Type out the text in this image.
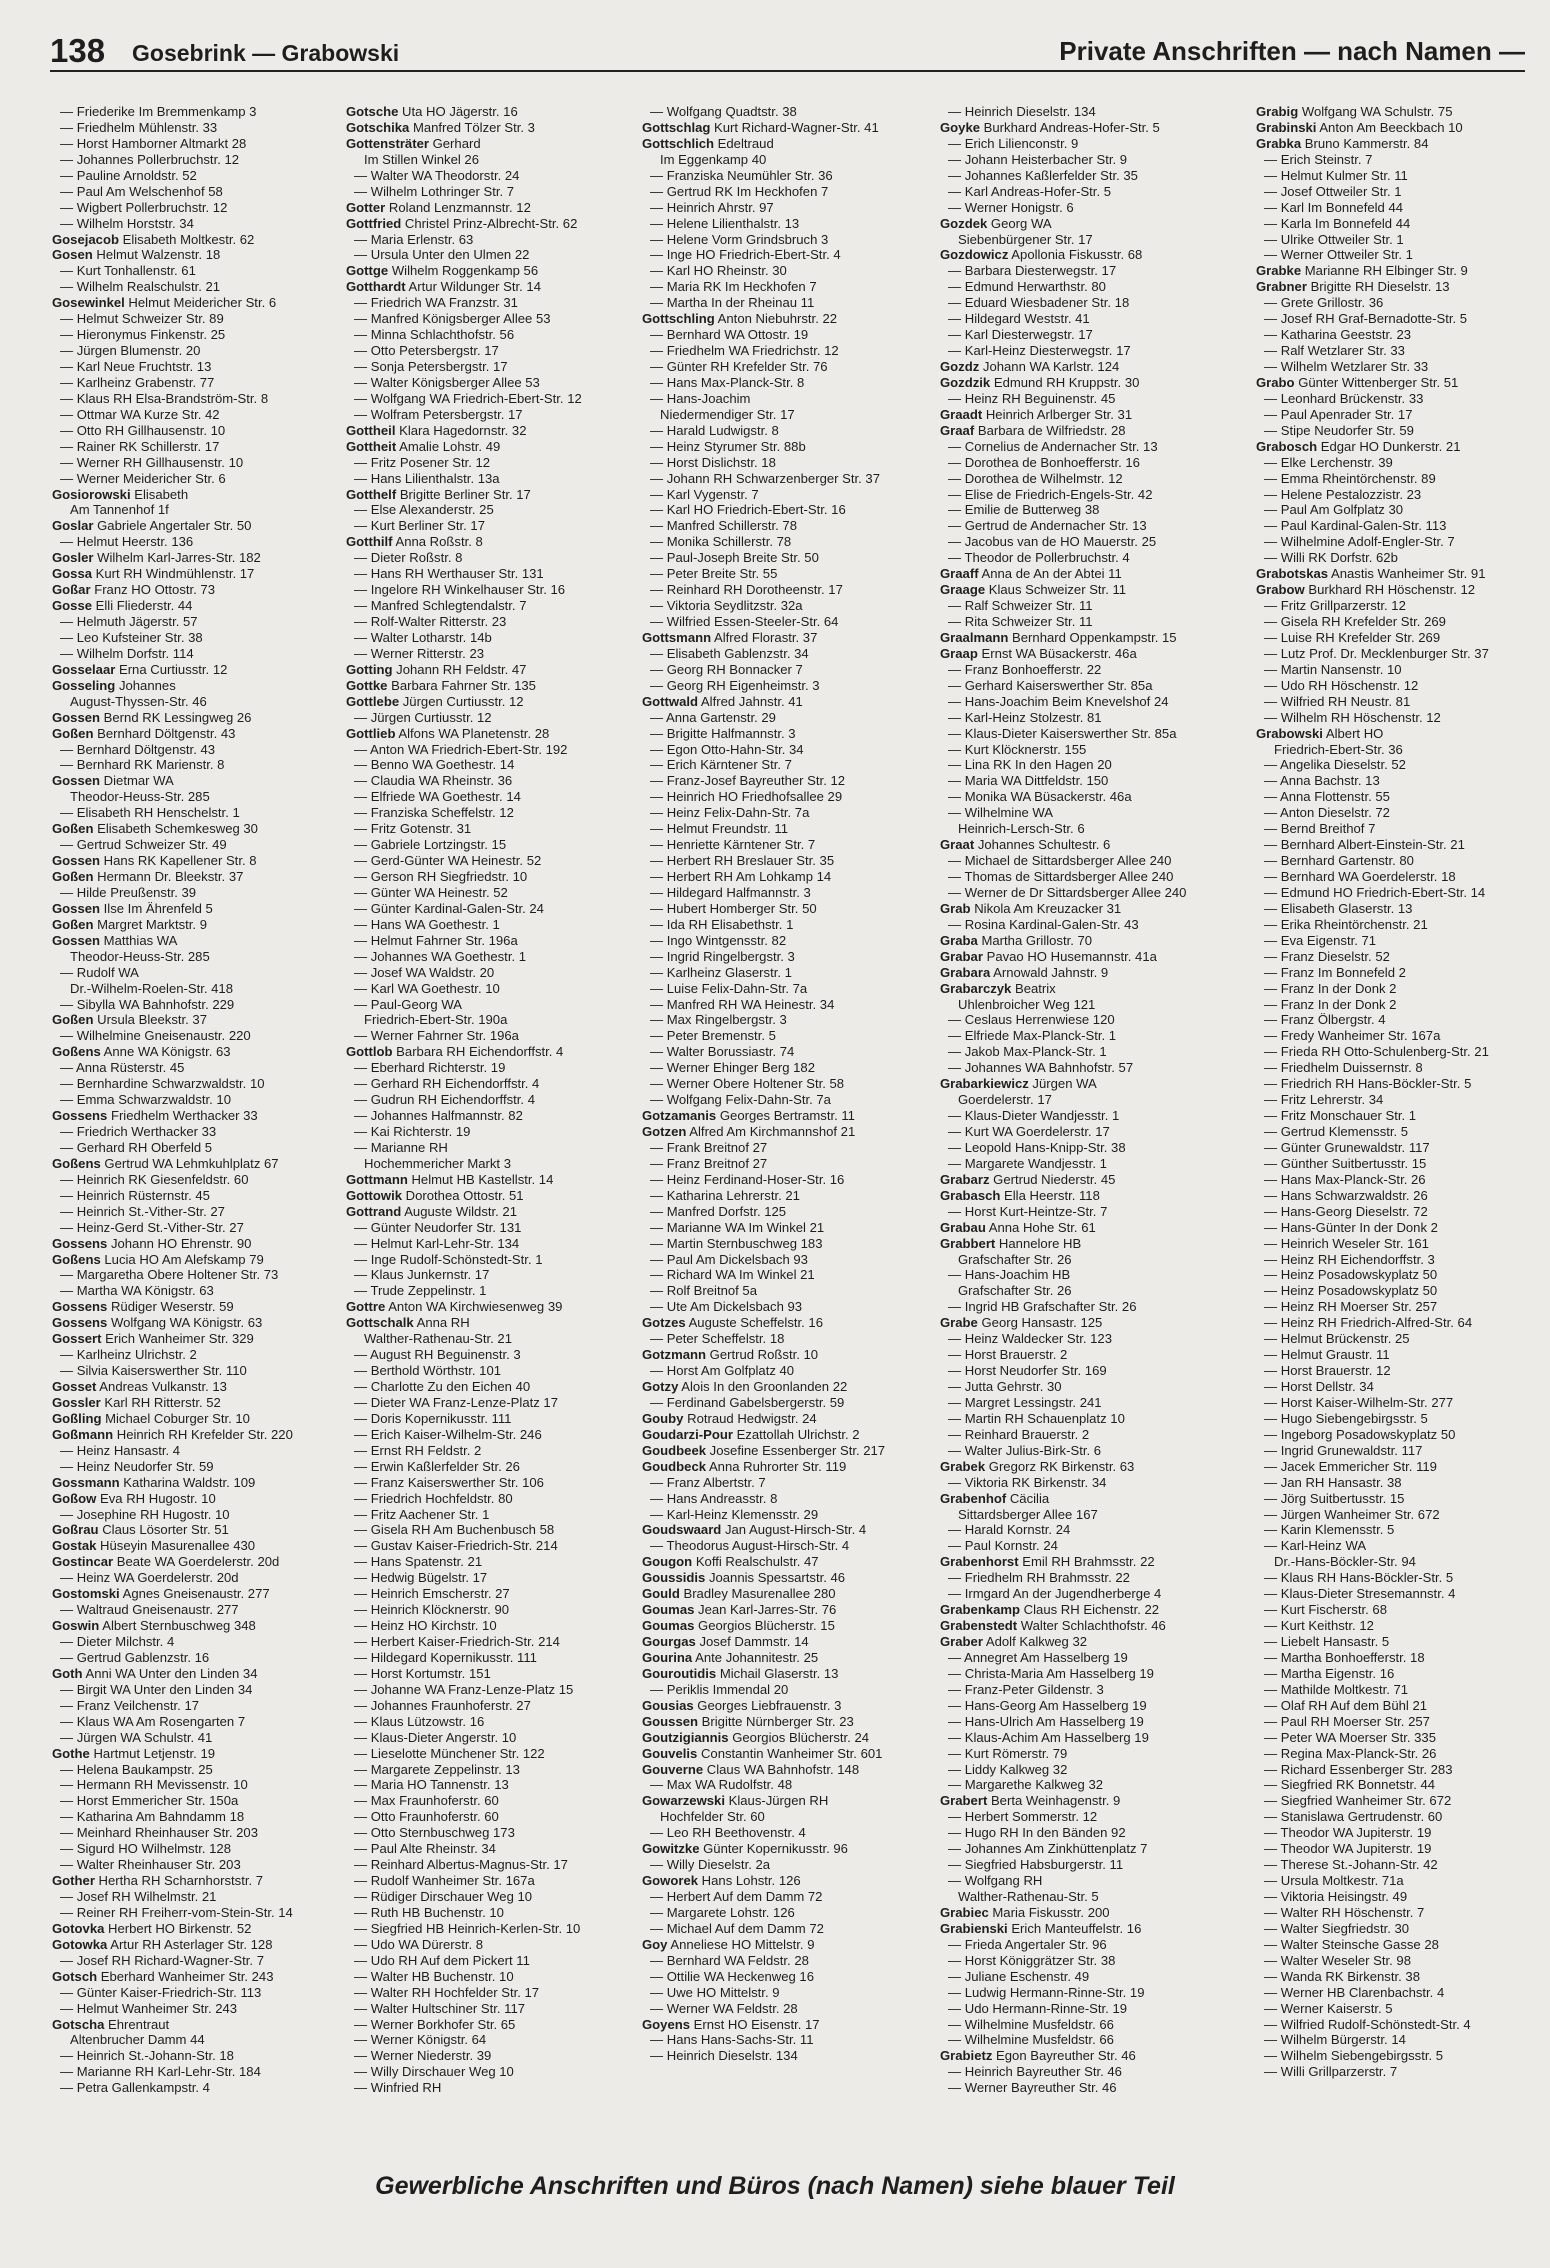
138 Gosebrink — Grabowski	Private Anschriften — nach Namen —
— Friederike Im Bremmenkamp 3
— Friedhelm Mühlenstr. 33
— Horst Hamborner Altmarkt 28
— Johannes Pollerbruchstr. 12
— Pauline Arnoldstr. 52
— Paul Am Welschenhof 58
— Wigbert Pollerbruchstr. 12
— Wilhelm Horststr. 34
Gosejacob Elisabeth Moltkestr. 62
Gosen Helmut Walzenstr. 18
— Kurt Tonhallenstr. 61
— Wilhelm Realschulstr. 21
Gosewinkel Helmut Meidericher Str. 6
— Helmut Schweizer Str. 89
— Hieronymus Finkenstr. 25
— Jürgen Blumenstr. 20
— Karl Neue Fruchtstr. 13
— Karlheinz Grabenstr. 77
— Klaus RH Elsa-Brandström-Str. 8
— Ottmar WA Kurze Str. 42
— Otto RH Gillhausenstr. 10
— Rainer RK Schillerstr. 17
— Werner RH Gillhausenstr. 10
— Werner Meidericher Str. 6
Gosiorowski Elisabeth
Am Tannenhof 1f
Goslar Gabriele Angertaler Str. 50
— Helmut Heerstr. 136
Gosler Wilhelm Karl-Jarres-Str. 182
Gossa Kurt RH Windmühlenstr. 17
Goßar Franz HO Ottostr. 73
Gosse Elli Fliederstr. 44
— Helmuth Jägerstr. 57
— Leo Kufsteiner Str. 38
— Wilhelm Dorfstr. 114
Gosselaar Erna Curtiusstr. 12
Gosseling Johannes
August-Thyssen-Str. 46
Gossen Bernd RK Lessingweg 26
Goßen Bernhard Döltgenstr. 43
— Bernhard Döltgenstr. 43
— Bernhard RK Marienstr. 8
Gossen Dietmar WA
Theodor-Heuss-Str. 285
— Elisabeth RH Henschelstr. 1
Goßen Elisabeth Schemkesweg 30
— Gertrud Schweizer Str. 49
Gossen Hans RK Kapellener Str. 8
Goßen Hermann Dr. Bleekstr. 37
— Hilde Preußenstr. 39
Gossen Ilse Im Ährenfeld 5
Goßen Margret Marktstr. 9
Gossen Matthias WA
Theodor-Heuss-Str. 285
— Rudolf WA
Dr.-Wilhelm-Roelen-Str. 418
— Sibylla WA Bahnhofstr. 229
Goßen Ursula Bleekstr. 37
— Wilhelmine Gneisenaustr. 220
Goßens Anne WA Königstr. 63
— Anna Rüsterstr. 45
— Bernhardine Schwarzwaldstr. 10
— Emma Schwarzwaldstr. 10
Gossens Friedhelm Werthacker 33
— Friedrich Werthacker 33
— Gerhard RH Oberfeld 5
Goßens Gertrud WA Lehmkuhlplatz 67
— Heinrich RK Giesenfeldstr. 60
— Heinrich Rüsternstr. 45
— Heinrich St.-Vither-Str. 27
— Heinz-Gerd St.-Vither-Str. 27
Gossens Johann HO Ehrenstr. 90
Goßens Lucia HO Am Alefskamp 79
— Margaretha Obere Holtener Str. 73
— Martha WA Königstr. 63
Gossens Rüdiger Weserstr. 59
Gossens Wolfgang WA Königstr. 63
Gossert Erich Wanheimer Str. 329
— Karlheinz Ulrichstr. 2
— Silvia Kaiserswerther Str. 110
Gosset Andreas Vulkanstr. 13
Gossler Karl RH Ritterstr. 52
Goßling Michael Coburger Str. 10
Goßmann Heinrich RH Krefelder Str. 220
— Heinz Hansastr. 4
— Heinz Neudorfer Str. 59
Gossmann Katharina Waldstr. 109
Goßow Eva RH Hugostr. 10
— Josephine RH Hugostr. 10
Goßrau Claus Lösorter Str. 51
Gostak Hüseyin Masurenallee 430
Gostincar Beate WA Goerdelerstr. 20d
— Heinz WA Goerdelerstr. 20d
Gostomski Agnes Gneisenaustr. 277
— Waltraud Gneisenaustr. 277
Goswin Albert Sternbuschweg 348
— Dieter Milchstr. 4
— Gertrud Gablenzstr. 16
Goth Anni WA Unter den Linden 34
— Birgit WA Unter den Linden 34
— Franz Veilchenstr. 17
— Klaus WA Am Rosengarten 7
— Jürgen WA Schulstr. 41
Gothe Hartmut Letjenstr. 19
— Helena Baukampstr. 25
— Hermann RH Mevissenstr. 10
— Horst Emmericher Str. 150a
— Katharina Am Bahndamm 18
— Meinhard Rheinhauser Str. 203
— Sigurd HO Wilhelmstr. 128
— Walter Rheinhauser Str. 203
Gother Hertha RH Scharnhorststr. 7
— Josef RH Wilhelmstr. 21
— Reiner RH Freiherr-vom-Stein-Str. 14
Gotovka Herbert HO Birkenstr. 52
Gotowka Artur RH Asterlager Str. 128
— Josef RH Richard-Wagner-Str. 7
Gotsch Eberhard Wanheimer Str. 243
— Günter Kaiser-Friedrich-Str. 113
— Helmut Wanheimer Str. 243
Gotscha Ehrentraut
Altenbrucher Damm 44
— Heinrich St.-Johann-Str. 18
— Marianne RH Karl-Lehr-Str. 184
— Petra Gallenkampstr. 4
Gotsche Uta HO Jägerstr. 16
Gotschika Manfred Tölzer Str. 3
Gottensträter Gerhard
Im Stillen Winkel 26
— Walter WA Theodorstr. 24
— Wilhelm Lothringer Str. 7
Gotter Roland Lenzmannstr. 12
Gottfried Christel Prinz-Albrecht-Str. 62
— Maria Erlenstr. 63
— Ursula Unter den Ulmen 22
Gottge Wilhelm Roggenkamp 56
Gotthardt Artur Wildunger Str. 14
— Friedrich WA Franzstr. 31
— Manfred Königsberger Allee 53
— Minna Schlachthofstr. 56
— Otto Petersbergstr. 17
— Sonja Petersbergstr. 17
— Walter Königsberger Allee 53
— Wolfgang WA Friedrich-Ebert-Str. 12
— Wolfram Petersbergstr. 17
Gottheil Klara Hagedornstr. 32
Gottheit Amalie Lohstr. 49
— Fritz Posener Str. 12
— Hans Lilienthalstr. 13a
Gotthelf Brigitte Berliner Str. 17
— Else Alexanderstr. 25
— Kurt Berliner Str. 17
Gotthilf Anna Roßstr. 8
— Dieter Roßstr. 8
— Hans RH Werthauser Str. 131
— Ingelore RH Winkelhauser Str. 16
— Manfred Schlegtendalstr. 7
— Rolf-Walter Ritterstr. 23
— Walter Lotharstr. 14b
— Werner Ritterstr. 23
Gotting Johann RH Feldstr. 47
Gottke Barbara Fahrner Str. 135
Gottlebe Jürgen Curtiusstr. 12
— Jürgen Curtiusstr. 12
Gottlieb Alfons WA Planetenstr. 28
— Anton WA Friedrich-Ebert-Str. 192
— Benno WA Goethestr. 14
— Claudia WA Rheinstr. 36
— Elfriede WA Goethestr. 14
— Franziska Scheffelstr. 12
— Fritz Gotenstr. 31
— Gabriele Lortzingstr. 15
— Gerd-Günter WA Heinestr. 52
— Gerson RH Siegfriedstr. 10
— Günter WA Heinestr. 52
— Günter Kardinal-Galen-Str. 24
— Hans WA Goethestr. 1
— Helmut Fahrner Str. 196a
— Johannes WA Goethestr. 1
— Josef WA Waldstr. 20
— Karl WA Goethestr. 10
— Paul-Georg WA
Friedrich-Ebert-Str. 190a
— Werner Fahrner Str. 196a
Gottlob Barbara RH Eichendorffstr. 4
— Eberhard Richterstr. 19
— Gerhard RH Eichendorffstr. 4
— Gudrun RH Eichendorffstr. 4
— Johannes Halfmannstr. 82
— Kai Richterstr. 19
— Marianne RH
Hochemmericher Markt 3
Gottmann Helmut HB Kastellstr. 14
Gottowik Dorothea Ottostr. 51
Gottrand Auguste Wildstr. 21
— Günter Neudorfer Str. 131
— Helmut Karl-Lehr-Str. 134
— Inge Rudolf-Schönstedt-Str. 1
— Klaus Junkernstr. 17
— Trude Zeppelinstr. 1
Gottre Anton WA Kirchwiesenweg 39
Gottschalk Anna RH
Walther-Rathenau-Str. 21
— August RH Beguinenstr. 3
— Berthold Wörthstr. 101
— Charlotte Zu den Eichen 40
— Dieter WA Franz-Lenze-Platz 17
— Doris Kopernikusstr. 111
— Erich Kaiser-Wilhelm-Str. 246
— Ernst RH Feldstr. 2
— Erwin Kaßlerfelder Str. 26
— Franz Kaiserswerther Str. 106
— Friedrich Hochfeldstr. 80
— Fritz Aachener Str. 1
— Gisela RH Am Buchenbusch 58
— Gustav Kaiser-Friedrich-Str. 214
— Hans Spatenstr. 21
— Hedwig Bügelstr. 17
— Heinrich Emscherstr. 27
— Heinrich Klöcknerstr. 90
— Heinz HO Kirchstr. 10
— Herbert Kaiser-Friedrich-Str. 214
— Hildegard Kopernikusstr. 111
— Horst Kortumstr. 151
— Johanne WA Franz-Lenze-Platz 15
— Johannes Fraunhoferstr. 27
— Klaus Lützowstr. 16
— Klaus-Dieter Angerstr. 10
— Lieselotte Münchener Str. 122
— Margarete Zeppelinstr. 13
— Maria HO Tannenstr. 13
— Max Fraunhoferstr. 60
— Otto Fraunhoferstr. 60
— Otto Sternbuschweg 173
— Paul Alte Rheinstr. 34
— Reinhard Albertus-Magnus-Str. 17
— Rudolf Wanheimer Str. 167a
— Rüdiger Dirschauer Weg 10
— Ruth HB Buchenstr. 10
— Siegfried HB Heinrich-Kerlen-Str. 10
— Udo WA Dürerstr. 8
— Udo RH Auf dem Pickert 11
— Walter HB Buchenstr. 10
— Walter RH Hochfelder Str. 17
— Walter Hultschiner Str. 117
— Werner Borkhofer Str. 65
— Werner Königstr. 64
— Werner Niederstr. 39
— Willy Dirschauer Weg 10
— Winfried RH
— Wolfgang Quadtstr. 38
Gottschlag Kurt Richard-Wagner-Str. 41
Gottschlich Edeltraud
Im Eggenkamp 40
— Franziska Neumühler Str. 36
— Gertrud RK Im Heckhofen 7
— Heinrich Ahrstr. 97
— Helene Lilienthalstr. 13
— Helene Vorm Grindsbruch 3
— Inge HO Friedrich-Ebert-Str. 4
— Karl HO Rheinstr. 30
— Maria RK Im Heckhofen 7
— Martha In der Rheinau 11
Gottschling Anton Niebuhrstr. 22
— Bernhard WA Ottostr. 19
— Friedhelm WA Friedrichstr. 12
— Günter RH Krefelder Str. 76
— Hans Max-Planck-Str. 8
— Hans-Joachim
Niedermendiger Str. 17
— Harald Ludwigstr. 8
— Heinz Styrumer Str. 88b
— Horst Dislichstr. 18
— Johann RH Schwarzenberger Str. 37
— Karl Vygenstr. 7
— Karl HO Friedrich-Ebert-Str. 16
— Manfred Schillerstr. 78
— Monika Schillerstr. 78
— Paul-Joseph Breite Str. 50
— Peter Breite Str. 55
— Reinhard RH Dorotheenstr. 17
— Viktoria Seydlitzstr. 32a
— Wilfried Essen-Steeler-Str. 64
Gottsmann Alfred Florastr. 37
— Elisabeth Gablenzstr. 34
— Georg RH Bonnacker 7
— Georg RH Eigenheimstr. 3
Gottwald Alfred Jahnstr. 41
— Anna Gartenstr. 29
— Brigitte Halfmannstr. 3
— Egon Otto-Hahn-Str. 34
— Erich Kärntener Str. 7
— Franz-Josef Bayreuther Str. 12
— Heinrich HO Friedhofsallee 29
— Heinz Felix-Dahn-Str. 7a
— Helmut Freundstr. 11
— Henriette Kärntener Str. 7
— Herbert RH Breslauer Str. 35
— Herbert RH Am Lohkamp 14
— Hildegard Halfmannstr. 3
— Hubert Homberger Str. 50
— Ida RH Elisabethstr. 1
— Ingo Wintgensstr. 82
— Ingrid Ringelbergstr. 3
— Karlheinz Glaserstr. 1
— Luise Felix-Dahn-Str. 7a
— Manfred RH WA Heinestr. 34
— Max Ringelbergstr. 3
— Peter Bremenstr. 5
— Walter Borussiastr. 74
— Werner Ehinger Berg 182
— Werner Obere Holtener Str. 58
— Wolfgang Felix-Dahn-Str. 7a
Gotzamanis Georges Bertramstr. 11
Gotzen Alfred Am Kirchmannshof 21
— Frank Breitnof 27
— Franz Breitnof 27
— Heinz Ferdinand-Hoser-Str. 16
— Katharina Lehrerstr. 21
— Manfred Dorfstr. 125
— Marianne WA Im Winkel 21
— Martin Sternbuschweg 183
— Paul Am Dickelsbach 93
— Richard WA Im Winkel 21
— Rolf Breitnof 5a
— Ute Am Dickelsbach 93
Gotzes Auguste Scheffelstr. 16
— Peter Scheffelstr. 18
Gotzmann Gertrud Roßstr. 10
— Horst Am Golfplatz 40
Gotzy Alois In den Groonlanden 22
— Ferdinand Gabelsbergerstr. 59
Gouby Rotraud Hedwigstr. 24
Goudarzi-Pour Ezattollah Ulrichstr. 2
Goudbeek Josefine Essenberger Str. 217
Goudbeck Anna Ruhrorter Str. 119
— Franz Albertstr. 7
— Hans Andreasstr. 8
— Karl-Heinz Klemensstr. 29
Goudswaard Jan August-Hirsch-Str. 4
— Theodorus August-Hirsch-Str. 4
Gougon Koffi Realschulstr. 47
Goussidis Joannis Spessartstr. 46
Gould Bradley Masurenallee 280
Goumas Jean Karl-Jarres-Str. 76
Goumas Georgios Blücherstr. 15
Gourgas Josef Dammstr. 14
Gourina Ante Johannitestr. 25
Gouroutidis Michail Glaserstr. 13
— Periklis Immendal 20
Gousias Georges Liebfrauenstr. 3
Goussen Brigitte Nürnberger Str. 23
Goutzigiannis Georgios Blücherstr. 24
Gouvelis Constantin Wanheimer Str. 601
Gouverne Claus WA Bahnhofstr. 148
— Max WA Rudolfstr. 48
Gowarzewski Klaus-Jürgen RH
Hochfelder Str. 60
— Leo RH Beethovenstr. 4
Gowitzke Günter Kopernikusstr. 96
— Willy Dieselstr. 2a
Goworek Hans Lohstr. 126
— Herbert Auf dem Damm 72
— Margarete Lohstr. 126
— Michael Auf dem Damm 72
Goy Anneliese HO Mittelstr. 9
— Bernhard WA Feldstr. 28
— Ottilie WA Heckenweg 16
— Uwe HO Mittelstr. 9
— Werner WA Feldstr. 28
Goyens Ernst HO Eisenstr. 17
— Hans Hans-Sachs-Str. 11
— Heinrich Dieselstr. 134
— Heinrich Dieselstr. 134
Goyke Burkhard Andreas-Hofer-Str. 5
— Erich Lilienconstr. 9
— Johann Heisterbacher Str. 9
— Johannes Kaßlerfelder Str. 35
— Karl Andreas-Hofer-Str. 5
— Werner Honigstr. 6
Gozdek Georg WA
Siebenbürgener Str. 17
Gozdowicz Apollonia Fiskusstr. 68
— Barbara Diesterwegstr. 17
— Edmund Herwarthstr. 80
— Eduard Wiesbadener Str. 18
— Hildegard Weststr. 41
— Karl Diesterwegstr. 17
— Karl-Heinz Diesterwegstr. 17
Gozdz Johann WA Karlstr. 124
Gozdzik Edmund RH Kruppstr. 30
— Heinz RH Beguinenstr. 45
Graadt Heinrich Arlberger Str. 31
Graaf Barbara de Wilfriedstr. 28
— Cornelius de Andernacher Str. 13
— Dorothea de Bonhoefferstr. 16
— Dorothea de Wilhelmstr. 12
— Elise de Friedrich-Engels-Str. 42
— Emilie de Butterweg 38
— Gertrud de Andernacher Str. 13
— Jacobus van de HO Mauerstr. 25
— Theodor de Pollerbruchstr. 4
Graaff Anna de An der Abtei 11
Graage Klaus Schweizer Str. 11
— Ralf Schweizer Str. 11
— Rita Schweizer Str. 11
Graalmann Bernhard Oppenkampstr. 15
Graap Ernst WA Büsackerstr. 46a
— Franz Bonhoefferstr. 22
— Gerhard Kaiserswerther Str. 85a
— Hans-Joachim Beim Knevelshof 24
— Karl-Heinz Stolzestr. 81
— Klaus-Dieter Kaiserswerther Str. 85a
— Kurt Klöcknerstr. 155
— Lina RK In den Hagen 20
— Maria WA Dittfeldstr. 150
— Monika WA Büsackerstr. 46a
— Wilhelmine WA
Heinrich-Lersch-Str. 6
Graat Johannes Schultestr. 6
— Michael de Sittardsberger Allee 240
— Thomas de Sittardsberger Allee 240
— Werner de Dr Sittardsberger Allee 240
Grab Nikola Am Kreuzacker 31
— Rosina Kardinal-Galen-Str. 43
Graba Martha Grillostr. 70
Grabar Pavao HO Husemannstr. 41a
Grabara Arnowald Jahnstr. 9
Grabarczyk Beatrix
Uhlenbroicher Weg 121
— Ceslaus Herrenwiese 120
— Elfriede Max-Planck-Str. 1
— Jakob Max-Planck-Str. 1
— Johannes WA Bahnhofstr. 57
Grabarkiewicz Jürgen WA
Goerdelerstr. 17
— Klaus-Dieter Wandjesstr. 1
— Kurt WA Goerdelerstr. 17
— Leopold Hans-Knipp-Str. 38
— Margarete Wandjesstr. 1
Grabarz Gertrud Niederstr. 45
Grabasch Ella Heerstr. 118
— Horst Kurt-Heintze-Str. 7
Grabau Anna Hohe Str. 61
Grabbert Hannelore HB
Grafschafter Str. 26
— Hans-Joachim HB
Grafschafter Str. 26
— Ingrid HB Grafschafter Str. 26
Grabe Georg Hansastr. 125
— Heinz Waldecker Str. 123
— Horst Brauerstr. 2
— Horst Neudorfer Str. 169
— Jutta Gehrstr. 30
— Margret Lessingstr. 241
— Martin RH Schauenplatz 10
— Reinhard Brauerstr. 2
— Walter Julius-Birk-Str. 6
Grabek Gregorz RK Birkenstr. 63
— Viktoria RK Birkenstr. 34
Grabenhof Cäcilia
Sittardsberger Allee 167
— Harald Kornstr. 24
— Paul Kornstr. 24
Grabenhorst Emil RH Brahmsstr. 22
— Friedhelm RH Brahmsstr. 22
— Irmgard An der Jugendherberge 4
Grabenkamp Claus RH Eichenstr. 22
Grabenstedt Walter Schlachthofstr. 46
Graber Adolf Kalkweg 32
— Annegret Am Hasselberg 19
— Christa-Maria Am Hasselberg 19
— Franz-Peter Gildenstr. 3
— Hans-Georg Am Hasselberg 19
— Hans-Ulrich Am Hasselberg 19
— Klaus-Achim Am Hasselberg 19
— Kurt Römerstr. 79
— Liddy Kalkweg 32
— Margarethe Kalkweg 32
Grabert Berta Weinhagenstr. 9
— Herbert Sommerstr. 12
— Hugo RH In den Bänden 92
— Johannes Am Zinkhüttenplatz 7
— Siegfried Habsburgerstr. 11
— Wolfgang RH
Walther-Rathenau-Str. 5
Grabiec Maria Fiskusstr. 200
Grabienski Erich Manteuffelstr. 16
— Frieda Angertaler Str. 96
— Horst Königgrätzer Str. 38
— Juliane Eschenstr. 49
— Ludwig Hermann-Rinne-Str. 19
— Udo Hermann-Rinne-Str. 19
— Wilhelmine Musfeldstr. 66
— Wilhelmine Musfeldstr. 66
Grabietz Egon Bayreuther Str. 46
— Heinrich Bayreuther Str. 46
— Werner Bayreuther Str. 46
Grabig Wolfgang WA Schulstr. 75
Grabinski Anton Am Beeckbach 10
Grabka Bruno Kammerstr. 84
— Erich Steinstr. 7
— Helmut Kulmer Str. 11
— Josef Ottweiler Str. 1
— Karl Im Bonnefeld 44
— Karla Im Bonnefeld 44
— Ulrike Ottweiler Str. 1
— Werner Ottweiler Str. 1
Grabke Marianne RH Elbinger Str. 9
Grabner Brigitte RH Dieselstr. 13
— Grete Grillostr. 36
— Josef RH Graf-Bernadotte-Str. 5
— Katharina Geeststr. 23
— Ralf Wetzlarer Str. 33
— Wilhelm Wetzlarer Str. 33
Grabo Günter Wittenberger Str. 51
— Leonhard Brückenstr. 33
— Paul Apenrader Str. 17
— Stipe Neudorfer Str. 59
Grabosch Edgar HO Dunkerstr. 21
— Elke Lerchenstr. 39
— Emma Rheintörchenstr. 89
— Helene Pestalozzistr. 23
— Paul Am Golfplatz 30
— Paul Kardinal-Galen-Str. 113
— Wilhelmine Adolf-Engler-Str. 7
— Willi RK Dorfstr. 62b
Grabotskas Anastis Wanheimer Str. 91
Grabow Burkhard RH Höschenstr. 12
— Fritz Grillparzerstr. 12
— Gisela RH Krefelder Str. 269
— Luise RH Krefelder Str. 269
— Lutz Prof. Dr. Mecklenburger Str. 37
— Martin Nansenstr. 10
— Udo RH Höschenstr. 12
— Wilfried RH Neustr. 81
— Wilhelm RH Höschenstr. 12
Grabowski Albert HO
Friedrich-Ebert-Str. 36
— Angelika Dieselstr. 52
— Anna Bachstr. 13
— Anna Flottenstr. 55
— Anton Dieselstr. 72
— Bernd Breithof 7
— Bernhard Albert-Einstein-Str. 21
— Bernhard Gartenstr. 80
— Bernhard WA Goerdelerstr. 18
— Edmund HO Friedrich-Ebert-Str. 14
— Elisabeth Glaserstr. 13
— Erika Rheintörchenstr. 21
— Eva Eigenstr. 71
— Franz Dieselstr. 52
— Franz Im Bonnefeld 2
— Franz In der Donk 2
— Franz In der Donk 2
— Franz Ölbergstr. 4
— Fredy Wanheimer Str. 167a
— Frieda RH Otto-Schulenberg-Str. 21
— Friedhelm Duissernstr. 8
— Friedrich RH Hans-Böckler-Str. 5
— Fritz Lehrerstr. 34
— Fritz Monschauer Str. 1
— Gertrud Klemensstr. 5
— Günter Grunewaldstr. 117
— Günther Suitbertusstr. 15
— Hans Max-Planck-Str. 26
— Hans Schwarzwaldstr. 26
— Hans-Georg Dieselstr. 72
— Hans-Günter In der Donk 2
— Heinrich Weseler Str. 161
— Heinz RH Eichendorffstr. 3
— Heinz Posadowskyplatz 50
— Heinz Posadowskyplatz 50
— Heinz RH Moerser Str. 257
— Heinz RH Friedrich-Alfred-Str. 64
— Helmut Brückenstr. 25
— Helmut Graustr. 11
— Horst Brauerstr. 12
— Horst Dellstr. 34
— Horst Kaiser-Wilhelm-Str. 277
— Hugo Siebengebirgsstr. 5
— Ingeborg Posadowskyplatz 50
— Ingrid Grunewaldstr. 117
— Jacek Emmericher Str. 119
— Jan RH Hansastr. 38
— Jörg Suitbertusstr. 15
— Jürgen Wanheimer Str. 672
— Karin Klemensstr. 5
— Karl-Heinz WA
Dr.-Hans-Böckler-Str. 94
— Klaus RH Hans-Böckler-Str. 5
— Klaus-Dieter Stresemannstr. 4
— Kurt Fischerstr. 68
— Kurt Keithstr. 12
— Liebelt Hansastr. 5
— Martha Bonhoefferstr. 18
— Martha Eigenstr. 16
— Mathilde Moltkestr. 71
— Olaf RH Auf dem Bühl 21
— Paul RH Moerser Str. 257
— Peter WA Moerser Str. 335
— Regina Max-Planck-Str. 26
— Richard Essenberger Str. 283
— Siegfried RK Bonnetstr. 44
— Siegfried Wanheimer Str. 672
— Stanislawa Gertrudenstr. 60
— Theodor WA Jupiterstr. 19
— Theodor WA Jupiterstr. 19
— Therese St.-Johann-Str. 42
— Ursula Moltkestr. 71a
— Viktoria Heisingstr. 49
— Walter RH Höschenstr. 7
— Walter Siegfriedstr. 30
— Walter Steinsche Gasse 28
— Walter Weseler Str. 98
— Wanda RK Birkenstr. 38
— Werner HB Clarenbachstr. 4
— Werner Kaiserstr. 5
— Wilfried Rudolf-Schönstedt-Str. 4
— Wilhelm Bürgerstr. 14
— Wilhelm Siebengebirgsstr. 5
— Willi Grillparzerstr. 7
Gewerbliche Anschriften und Büros (nach Namen) siehe blauer Teil
